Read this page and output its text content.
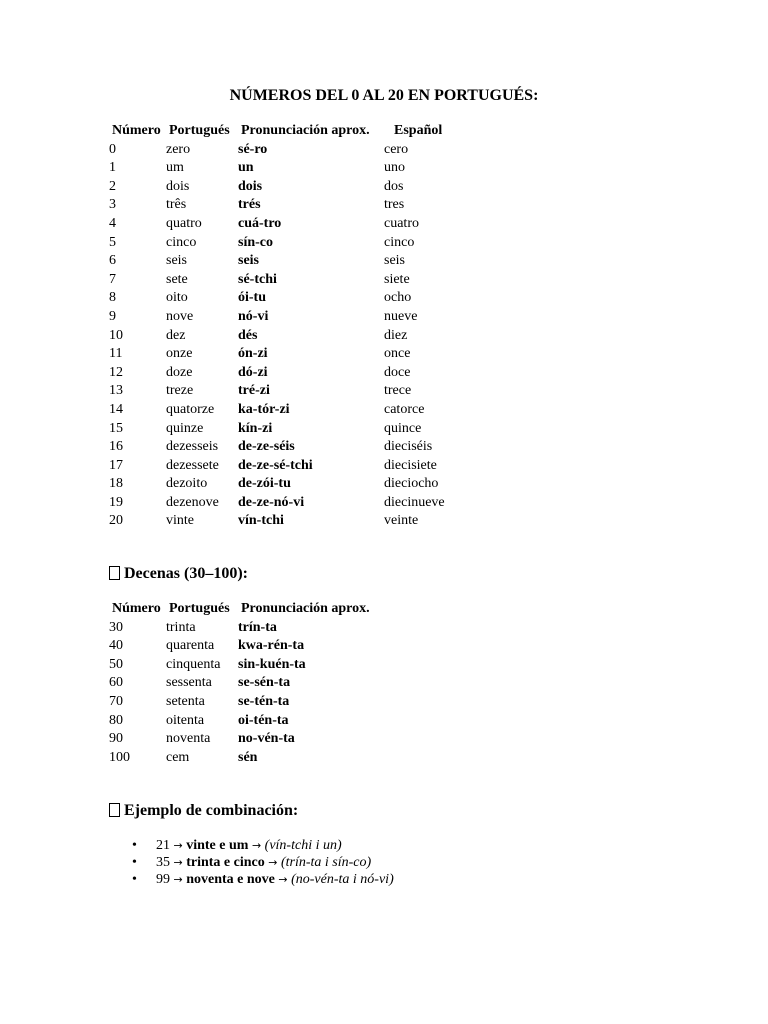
NÚMEROS DEL 0 AL 20 EN PORTUGUÉS:
Número	Portugués	Pronunciación aprox.	Español
0	zero	sé-ro	cero
1	um	un	uno
2	dois	dois	dos
3	três	trés	tres
4	quatro	cuá-tro	cuatro
5	cinco	sín-co	cinco
6	seis	seis	seis
7	sete	sé-tchi	siete
8	oito	ói-tu	ocho
9	nove	nó-vi	nueve
10	dez	dés	diez
11	onze	ón-zi	once
12	doze	dó-zi	doce
13	treze	tré-zi	trece
14	quatorze	ka-tór-zi	catorce
15	quinze	kín-zi	quince
16	dezesseis	de-ze-séis	dieciséis
17	dezessete	de-ze-sé-tchi	diecisiete
18	dezoito	de-zói-tu	dieciocho
19	dezenove	de-ze-nó-vi	diecinueve
20	vinte	vín-tchi	veinte
Decenas (30–100):
Número	Portugués	Pronunciación aprox.
30	trinta	trín-ta
40	quarenta	kwa-rén-ta
50	cinquenta	sin-kuén-ta
60	sessenta	se-sén-ta
70	setenta	se-tén-ta
80	oitenta	oi-tén-ta
90	noventa	no-vén-ta
100	cem	sén
Ejemplo de combinación:
• 21 → vinte e um → (vín-tchi i un)
• 35 → trinta e cinco → (trín-ta i sín-co)
• 99 → noventa e nove → (no-vén-ta i nó-vi)
